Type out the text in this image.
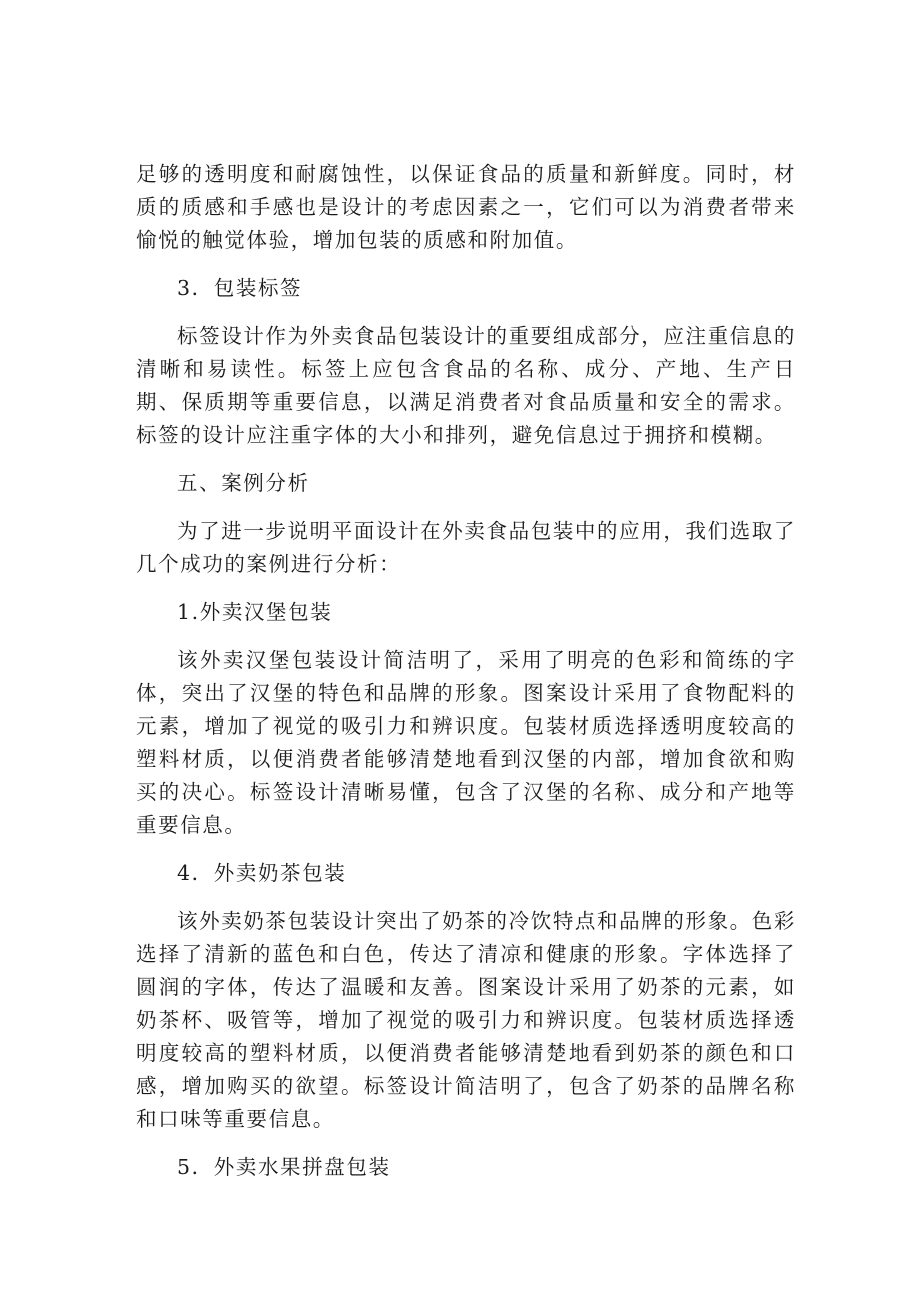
足够的透明度和耐腐蚀性，以保证食品的质量和新鲜度。同时，材质的质感和手感也是设计的考虑因素之一，它们可以为消费者带来愉悦的触觉体验，增加包装的质感和附加值。

3．包装标签

标签设计作为外卖食品包装设计的重要组成部分，应注重信息的清晰和易读性。标签上应包含食品的名称、成分、产地、生产日期、保质期等重要信息，以满足消费者对食品质量和安全的需求。标签的设计应注重字体的大小和排列，避免信息过于拥挤和模糊。

五、案例分析

为了进一步说明平面设计在外卖食品包装中的应用，我们选取了几个成功的案例进行分析：

1.外卖汉堡包装

该外卖汉堡包装设计简洁明了，采用了明亮的色彩和简练的字体，突出了汉堡的特色和品牌的形象。图案设计采用了食物配料的元素，增加了视觉的吸引力和辨识度。包装材质选择透明度较高的塑料材质，以便消费者能够清楚地看到汉堡的内部，增加食欲和购买的决心。标签设计清晰易懂，包含了汉堡的名称、成分和产地等重要信息。

4．外卖奶茶包装

该外卖奶茶包装设计突出了奶茶的冷饮特点和品牌的形象。色彩选择了清新的蓝色和白色，传达了清凉和健康的形象。字体选择了圆润的字体，传达了温暖和友善。图案设计采用了奶茶的元素，如奶茶杯、吸管等，增加了视觉的吸引力和辨识度。包装材质选择透明度较高的塑料材质，以便消费者能够清楚地看到奶茶的颜色和口感，增加购买的欲望。标签设计简洁明了，包含了奶茶的品牌名称和口味等重要信息。

5．外卖水果拼盘包装
